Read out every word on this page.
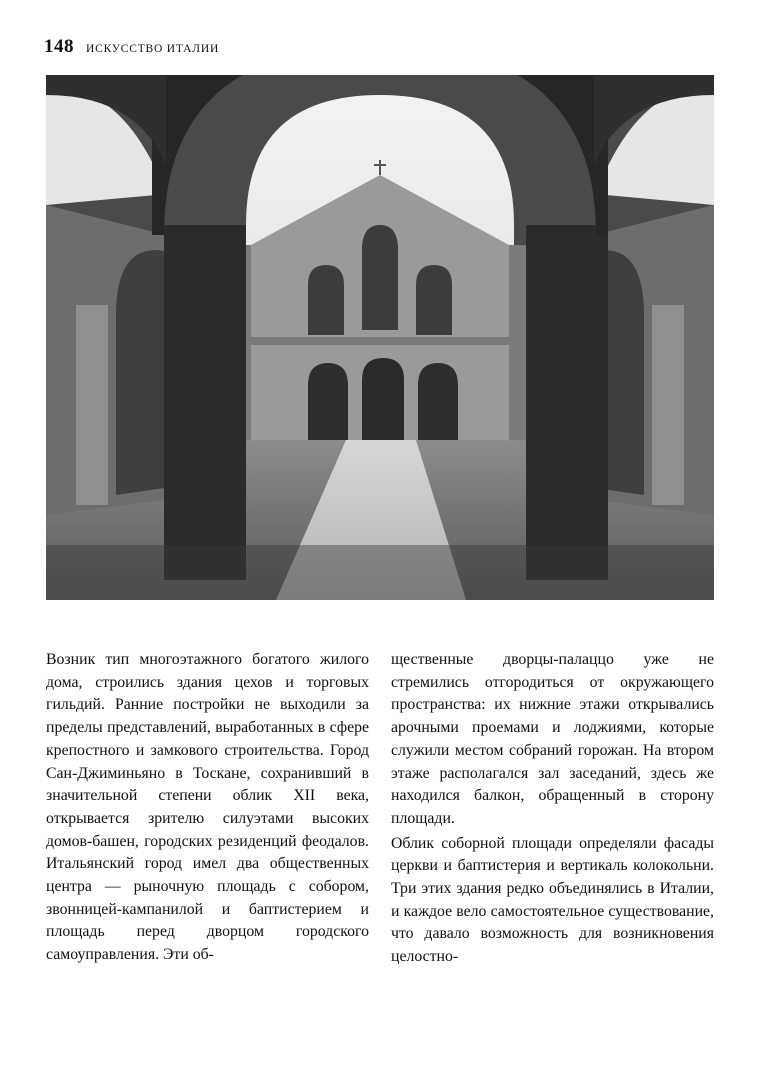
148 ИСКУССТВО ИТАЛИИ

Возник тип многоэтажного богатого жилого дома, строились здания цехов и торговых гильдий. Ранние постройки не выходили за пределы представлений, выработанных в сфере крепостного и замкового строительства. Город Сан-Джиминьяно в Тоскане, сохранивший в значительной степени облик XII века, открывается зрителю силуэтами высоких домов-башен, городских резиденций феодалов. Итальянский город имел два общественных центра — рыночную площадь с собором, звонницей-кампанилой и баптистерием и площадь перед дворцом городского самоуправления. Эти об-

щественные дворцы-палаццо уже не стремились отгородиться от окружающего пространства: их нижние этажи открывались арочными проемами и лоджиями, которые служили местом собраний горожан. На втором этаже располагался зал заседаний, здесь же находился балкон, обращенный в сторону площади.

Облик соборной площади определяли фасады церкви и баптистерия и вертикаль колокольни. Три этих здания редко объединялись в Италии, и каждое вело самостоятельное существование, что давало возможность для возникновения целостно-
